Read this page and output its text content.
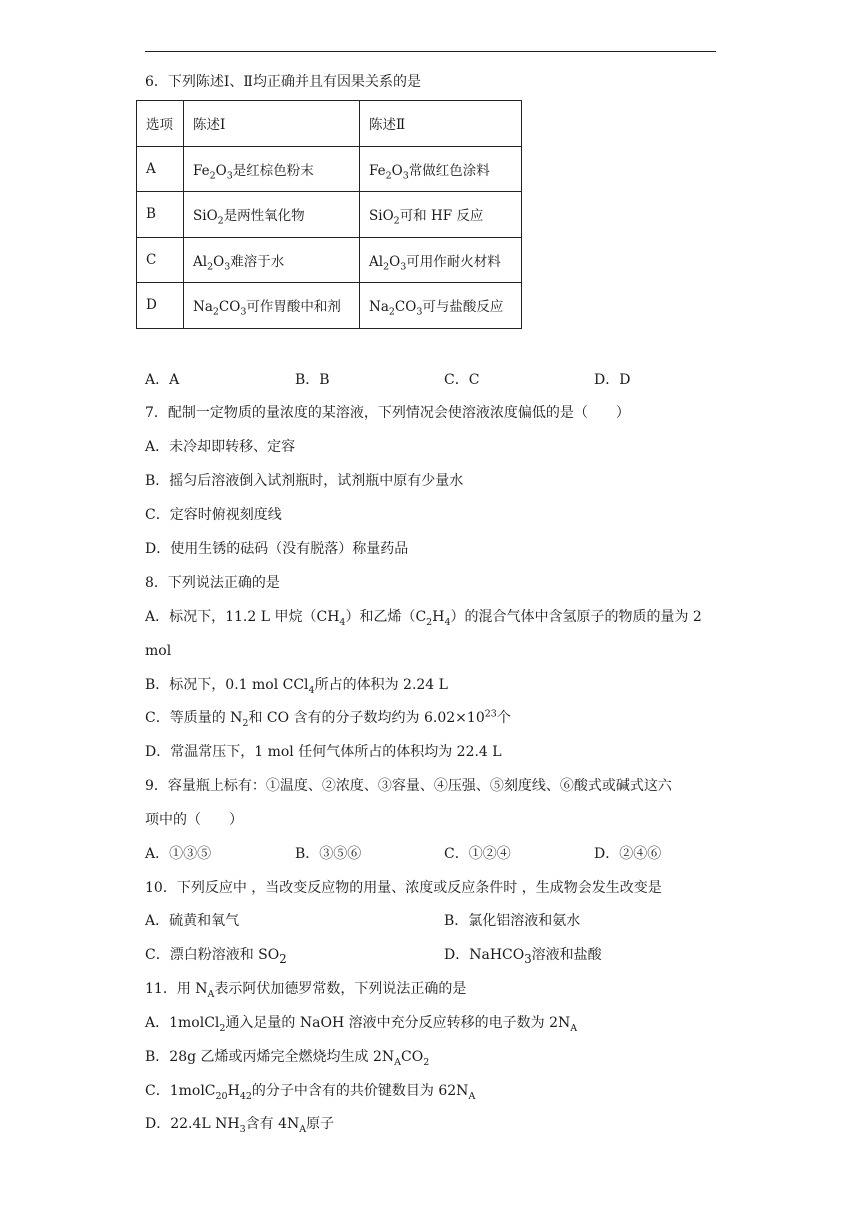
6．下列陈述Ⅰ、Ⅱ均正确并且有因果关系的是
选项	陈述Ⅰ	陈述Ⅱ
A	$Fe_2O_3$是红棕色粉末	$Fe_2O_3$常做红色涂料
B	SiO$_2$是两性氧化物	SiO$_2$可和 HF 反应
C	$Al_2O_3$难溶于水	$Al_2O_3$可用作耐火材料
D	$Na_2CO_3$可作胃酸中和剂	$Na_2CO_3$可与盐酸反应
A．A	B．B	C．C	D．D
7．配制一定物质的量浓度的某溶液，下列情况会使溶液浓度偏低的是（　　）
A．未冷却即转移、定容
B．摇匀后溶液倒入试剂瓶时，试剂瓶中原有少量水
C．定容时俯视刻度线
D．使用生锈的砝码（没有脱落）称量药品
8．下列说法正确的是
A．标况下，11.2 L 甲烷$(CH_4)$和乙烯$(C_2H_4)$的混合气体中含氢原子的物质的量为 2
mol
B．标况下，0.1 mol CCl$_4$所占的体积为 2.24 L
C．等质量的 $N_2$和 CO 含有的分子数均约为 $6.02\times 10^{23}$个
D．常温常压下，1 mol 任何气体所占的体积均为 22.4 L
9．容量瓶上标有：①温度、②浓度、③容量、④压强、⑤刻度线、⑥酸式或碱式这六
项中的（　　）
A．①③⑤	B．③⑤⑥	C．①②④	D．②④⑥
10．下列反应中 ，当改变反应物的用量、浓度或反应条件时 ，生成物会发生改变是
A．硫黄和氧气	B．氯化铝溶液和氨水
C．漂白粉溶液和 $SO_2$	D．NaHCO$_3$溶液和盐酸
11．用 $N_A$表示阿伏加德罗常数，下列说法正确的是
A．1molCl$_2$通入足量的 NaOH 溶液中充分反应转移的电子数为 $2N_A$
B．28g 乙烯或丙烯完全燃烧均生成 $2N_ACO_2$
C．$1molC_{20}H_{42}$的分子中含有的共价键数目为 $62N_A$
D．22.4L $NH_3$含有 $4N_A$原子
